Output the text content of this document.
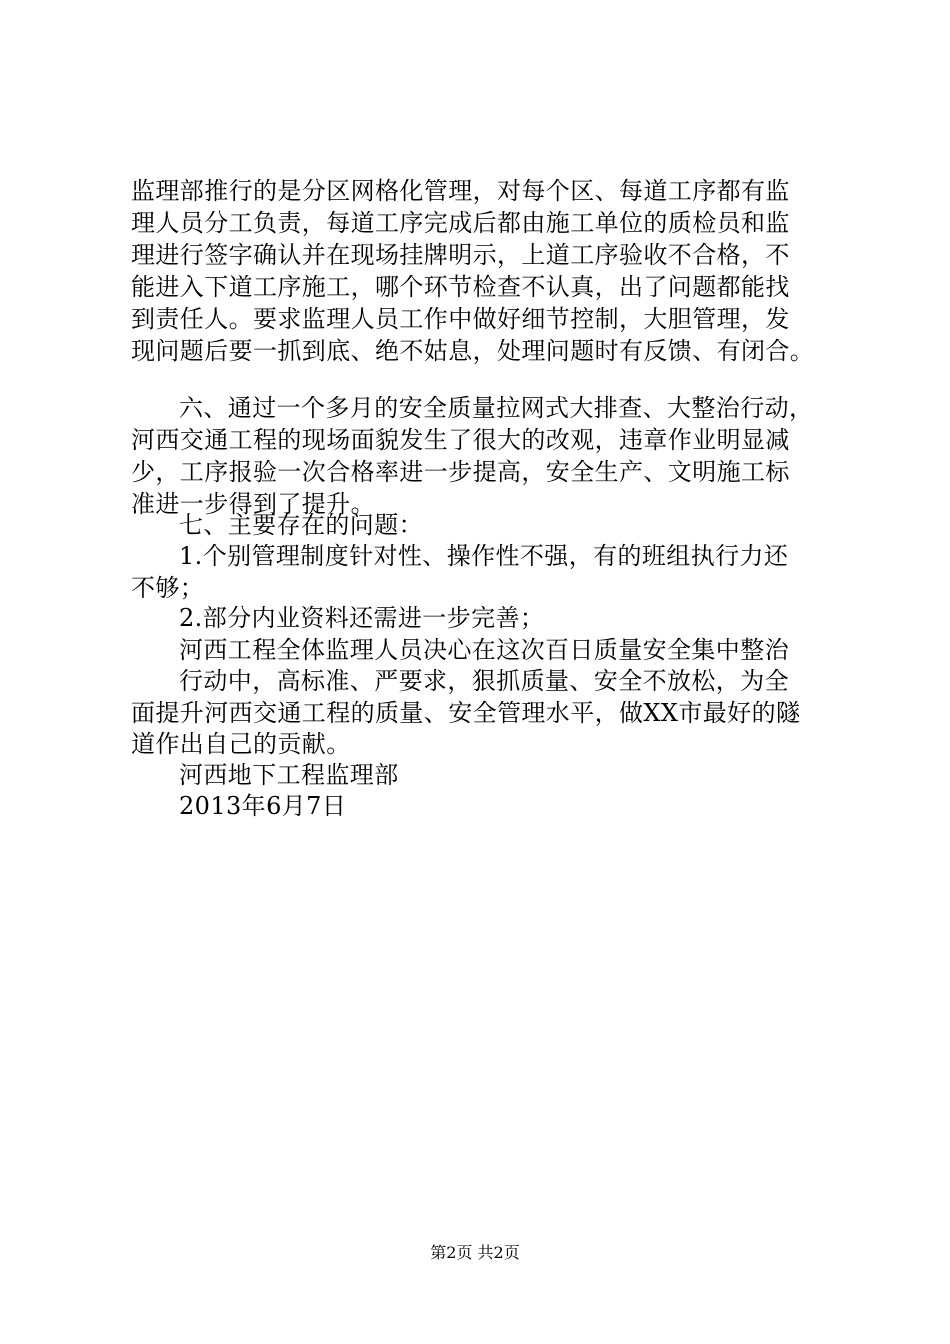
监理部推行的是分区网格化管理，对每个区、每道工序都有监
理人员分工负责，每道工序完成后都由施工单位的质检员和监
理进行签字确认并在现场挂牌明示，上道工序验收不合格，不
能进入下道工序施工，哪个环节检查不认真，出了问题都能找
到责任人。要求监理人员工作中做好细节控制，大胆管理，发
现问题后要一抓到底、绝不姑息，处理问题时有反馈、有闭合。
六、通过一个多月的安全质量拉网式大排查、大整治行动，
河西交通工程的现场面貌发生了很大的改观，违章作业明显减
少，工序报验一次合格率进一步提高，安全生产、文明施工标
准进一步得到了提升。
七、主要存在的问题：
1.个别管理制度针对性、操作性不强，有的班组执行力还
不够；
2.部分内业资料还需进一步完善；
河西工程全体监理人员决心在这次百日质量安全集中整治
行动中，高标准、严要求，狠抓质量、安全不放松，为全
面提升河西交通工程的质量、安全管理水平，做XX市最好的隧
道作出自己的贡献。
河西地下工程监理部
2013年6月7日
第2页 共2页
